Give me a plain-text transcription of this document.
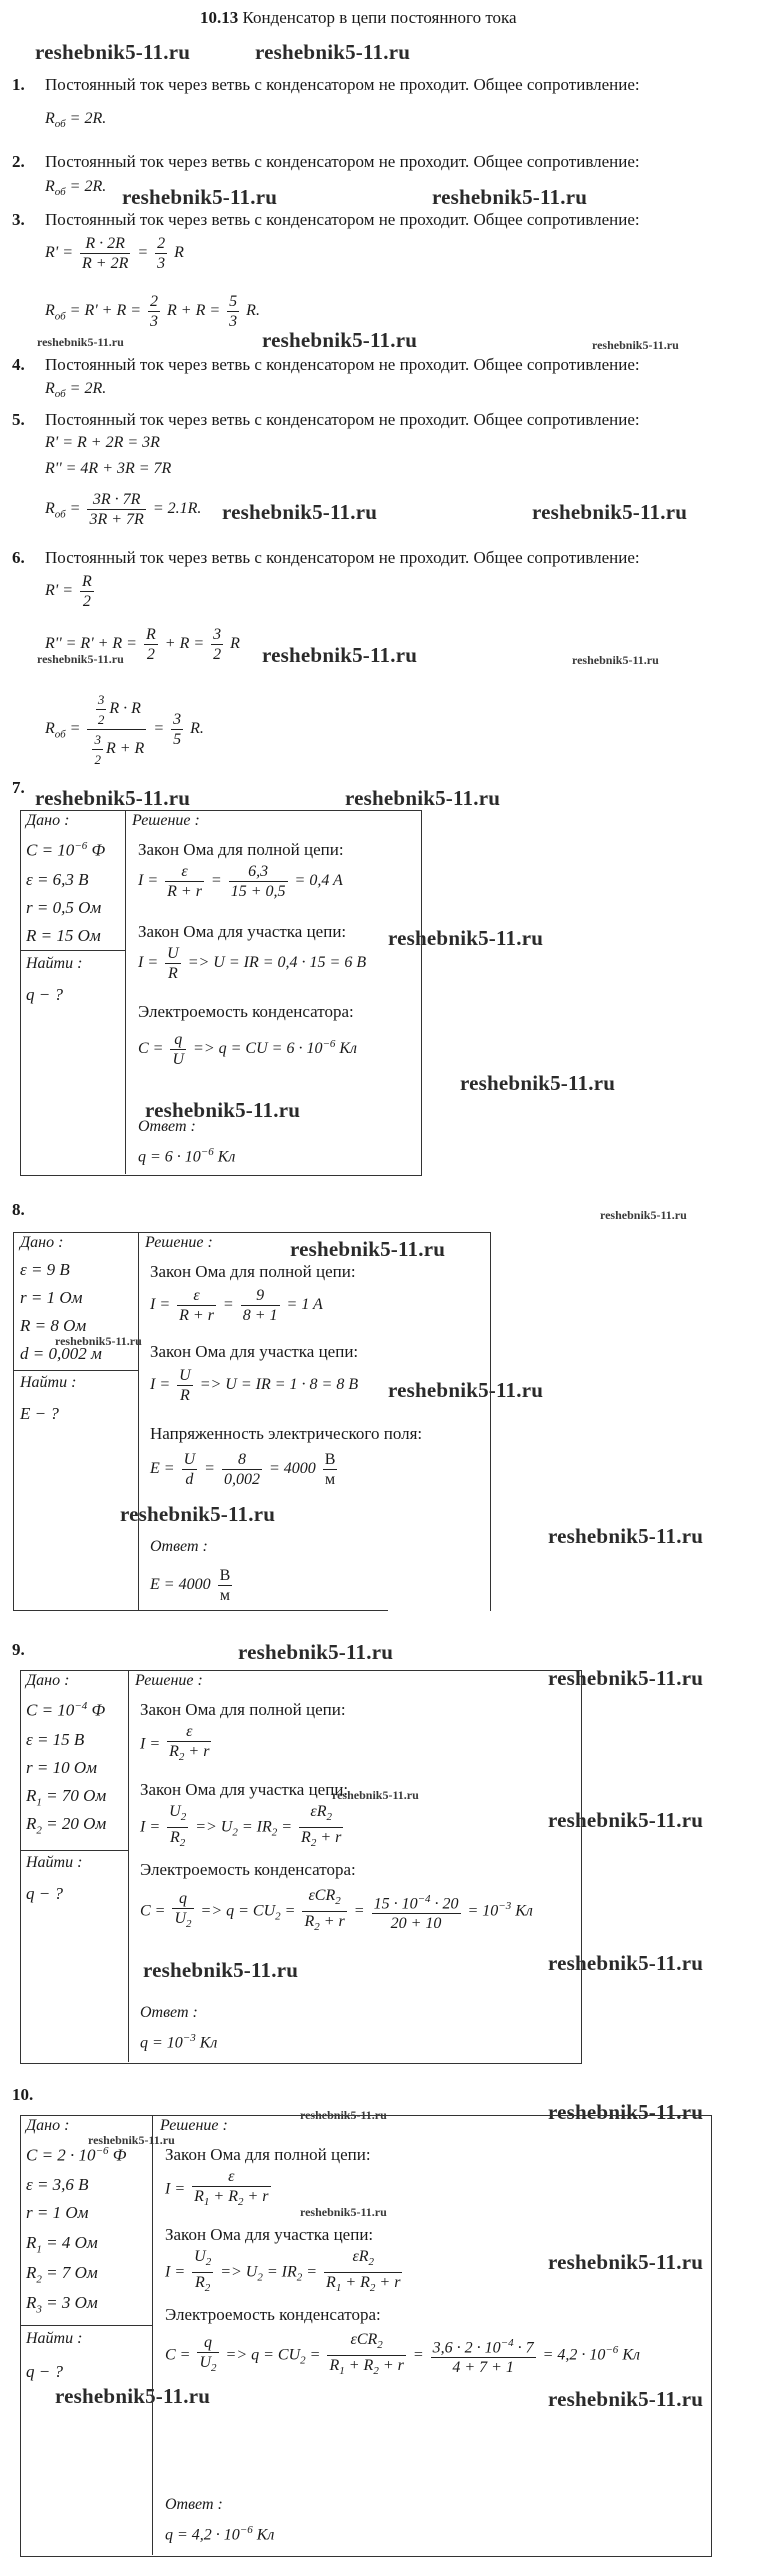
10.13 Конденсатор в цепи постоянного тока
reshebnik5-11.ru	reshebnik5-11.ru
reshebnik5-11.ru	reshebnik5-11.ru
reshebnik5-11.ru	reshebnik5-11.ru	reshebnik5-11.ru
reshebnik5-11.ru	reshebnik5-11.ru
reshebnik5-11.ru	reshebnik5-11.ru	reshebnik5-11.ru
reshebnik5-11.ru	reshebnik5-11.ru
reshebnik5-11.ru
reshebnik5-11.ru
reshebnik5-11.ru
reshebnik5-11.ru
reshebnik5-11.ru
reshebnik5-11.ru
reshebnik5-11.ru
reshebnik5-11.ru
reshebnik5-11.ru
reshebnik5-11.ru
reshebnik5-11.ru
reshebnik5-11.ru
reshebnik5-11.ru
reshebnik5-11.ru
reshebnik5-11.ru
reshebnik5-11.ru	reshebnik5-11.ru
reshebnik5-11.ru
reshebnik5-11.ru
reshebnik5-11.ru
reshebnik5-11.ru
reshebnik5-11.ru
1. Постоянный ток через ветвь с конденсатором не проходит. Общее сопротивление:
$R_{об} = 2R$.
2. Постоянный ток через ветвь с конденсатором не проходит. Общее сопротивление:
$R_{об} = 2R$.
3. Постоянный ток через ветвь с конденсатором не проходит. Общее сопротивление:
$R' = \frac{R \cdot 2R}{R + 2R} = \frac{2}{3}$ R
$R_{об} = R' + R = \frac{2}{3}$ $R + R = \frac{5}{3} R$.
4. Постоянный ток через ветвь с конденсатором не проходит. Общее сопротивление:
$R_{об} = 2R$.
5. Постоянный ток через ветвь с конденсатором не проходит. Общее сопротивление:
R' = R + 2R = 3R
R'' = 4R + 3R = 7R
$R_{об} = \frac{3R \cdot 7R}{3R + 7R} = 2.1R$.
6. Постоянный ток через ветвь с конденсатором не проходит. Общее сопротивление:
$R' = \frac{R}{2}$
$R'' = R' + R = \frac{R}{2} + R = \frac{3}{2}$ R
$R_{об} = \frac{\frac{3}{2} R \cdot R}{\frac{3}{2} R + R} = \frac{3}{5} R$.
7.
Дано :
$C = 10^{-6}$ Ф
ε = 6,3 В
r = 0,5 Ом
R = 15 Ом
Найти :
q − ?
Решение :
Закон Ома для полной цепи:
$I = \frac{\varepsilon}{R + r} = \frac{6,3}{15 + 0,5} = 0,4$ A
Закон Ома для участка цепи:
$I = \frac{U}{R} => U$ = IR = 0,4 · 15 = 6 В
Электроемость конденсатора:
$C = \frac{q}{U} => q$ = CU = $6 \cdot 10^{-6}$ Кл
Ответ :
$q = 6 \cdot 10^{-6}$ Кл
8.
Дано :
ε = 9 В
r = 1 Ом
R = 8 Ом
d = 0,002 м
Найти :
E − ?
Решение :
Закон Ома для полной цепи:
$I = \frac{\varepsilon}{R + r} = \frac{9}{8 + 1} = 1$ A
Закон Ома для участка цепи:
$I = \frac{U}{R} => U$ = IR = 1 · 8 = 8 В
Напряженность электрического поля:
$E = \frac{U}{d} = \frac{8}{0,002} = 4000 \frac{В}{м}$
Ответ :
$E = 4000 \frac{В}{м}$
9.
Дано :
$C = 10^{-4}$ Ф
ε = 15 В
r = 10 Ом
$R_1 = 70$ Ом
$R_2 = 20$ Ом
Найти :
q − ?
Решение :
Закон Ома для полной цепи:
$I = \frac{\varepsilon}{R_2 + r}$
Закон Ома для участка цепи:
$I = \frac{U_2}{R_2} => U_2 = IR_2 = \frac{\varepsilon R_2}{R_2 + r}$
Электроемость конденсатора:
$C = \frac{q}{U_2} => q = CU_2 = \frac{\varepsilon CR_2}{R_2 + r} = \frac{15 \cdot 10^{-4} \cdot 20}{20 + 10} = 10^{-3}$ Кл
Ответ :
$q = 10^{-3}$ Кл
10.
Дано :
$C = 2 \cdot 10^{-6}$ Ф
ε = 3,6 В
r = 1 Ом
$R_1 = 4$ Ом
$R_2 = 7$ Ом
$R_3 = 3$ Ом
Найти :
q − ?
Решение :
Закон Ома для полной цепи:
$I = \frac{\varepsilon}{R_1 + R_2 + r}$
Закон Ома для участка цепи:
$I = \frac{U_2}{R_2} => U_2 = IR_2 = \frac{\varepsilon R_2}{R_1 + R_2 + r}$
Электроемость конденсатора:
$C = \frac{q}{U_2} => q = CU_2 = \frac{\varepsilon CR_2}{R_1 + R_2 + r} = \frac{3,6 \cdot 2 \cdot 10^{-4} \cdot 7}{4 + 7 + 1} = 4,2 \cdot 10^{-6}$ Кл
Ответ :
$q = 4,2 \cdot 10^{-6}$ Кл
